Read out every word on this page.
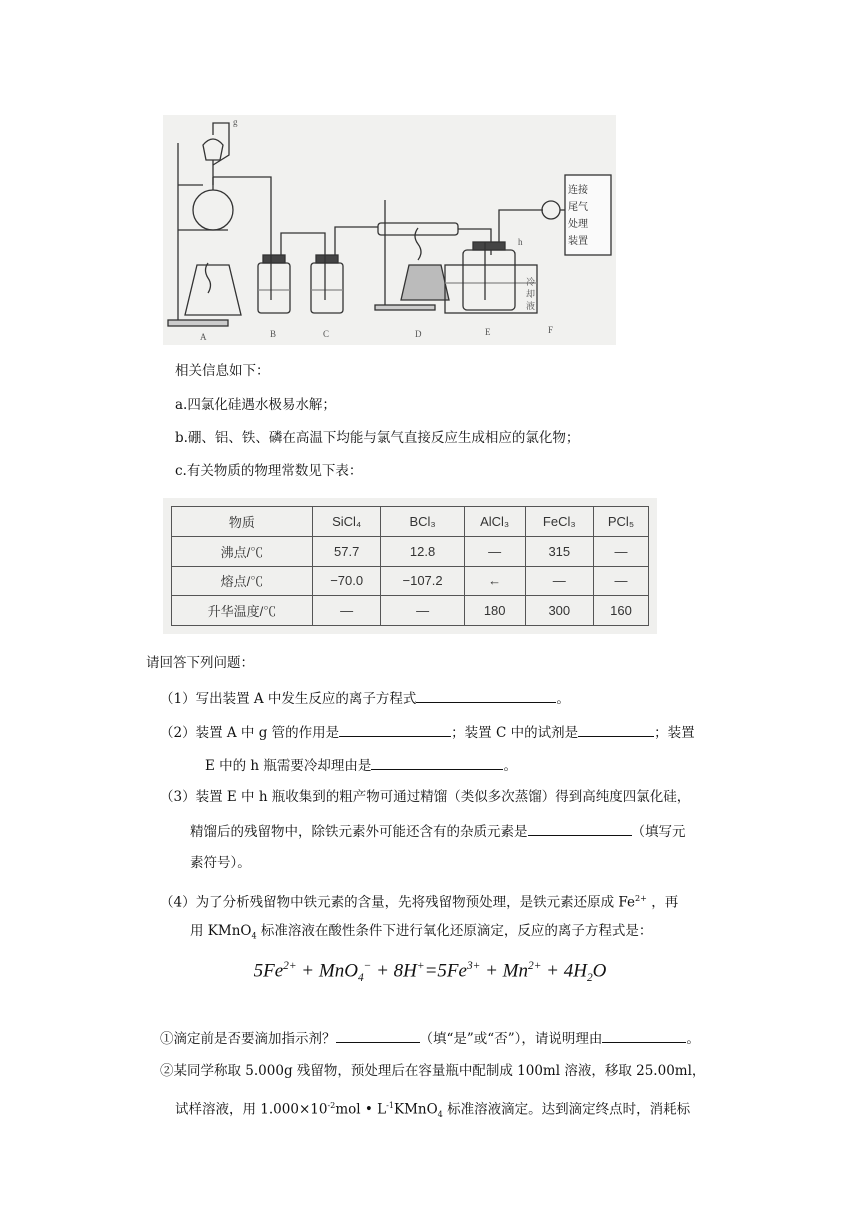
g
h
A	B	C	D	E	F
冷
却
液
连接
尾气
处理
装置
相关信息如下：
a.四氯化硅遇水极易水解；
b.硼、铝、铁、磷在高温下均能与氯气直接反应生成相应的氯化物；
c.有关物质的物理常数见下表：
物质	SiCl₄	BCl₃	AlCl₃	FeCl₃	PCl₅
沸点/℃	57.7	12.8	—	315	—
熔点/℃	−70.0	−107.2	←	—	—
升华温度/℃	—	—	180	300	160
请回答下列问题：
（1）写出装置 A 中发生反应的离子方程式	。
（2）装置 A 中 g 管的作用是	；装置 C 中的试剂是	；装置
E 中的 h 瓶需要冷却理由是	。
（3）装置 E 中 h 瓶收集到的粗产物可通过精馏（类似多次蒸馏）得到高纯度四氯化硅，
精馏后的残留物中，除铁元素外可能还含有的杂质元素是	（填写元
素符号）。
（4）为了分析残留物中铁元素的含量，先将残留物预处理，是铁元素还原成 $Fe^{2+}$ ，再
用 KMnO$_4$ 标准溶液在酸性条件下进行氧化还原滴定，反应的离子方程式是：
$5Fe^{2+} + MnO_4^- + 8H^+=5Fe^{3+} + Mn^{2+} + 4H_2O$
①滴定前是否要滴加指示剂？	（填“是”或“否”），请说明理由	。
②某同学称取 5.000g 残留物，预处理后在容量瓶中配制成 100ml 溶液，移取 25.00ml，
试样溶液，用 $1.000\times 10^{-2}mol$ • $L^{-1}KMnO_4$ 标准溶液滴定。达到滴定终点时，消耗标
